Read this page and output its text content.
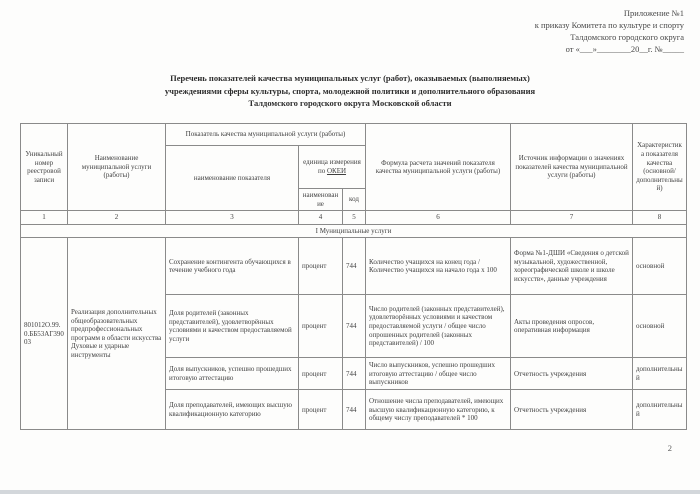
Приложение №1
к приказу Комитета по культуре и спорту
Талдомского городского округа
от «___»________20__г. №_____
Перечень показателей качества муниципальных услуг (работ), оказываемых (выполняемых)
учреждениями сферы культуры, спорта, молодежной политики и дополнительного образования
Талдомского городского округа Московской области
Уникальный номер реестровой записи	Наименование муниципальной услуги (работы)	Показатель качества муниципальной услуги (работы)			Формула расчета значений показателя качества муниципальной услуги (работы)	Источник информации о значениях показателей качества муниципальной услуги (работы)	Характеристика показателя качества (основной/ дополнительный)
		наименование показателя	единица измерения по ОКЕИ				
			наименование	код			
1	2	3	4	5	6	7	8
I Муниципальные услуги							
801012О.99.0.ББ53АГ39003	Реализация дополнительных общеобразовательных предпрофессиональных программ в области искусства Духовые и ударные инструменты	Сохранение контингента обучающихся в течение учебного года	процент	744	Количество учащихся на конец года / Количество учащихся на начало года х 100	Форма №1-ДШИ «Сведения о детской музыкальной, художественной, хореографической школе и школе искусств», данные учреждения	основной
		Доля родителей (законных представителей), удовлетворённых условиями и качеством предоставляемой услуги	процент	744	Число родителей (законных представителей), удовлетворённых условиями и качеством предоставляемой услуги / общее число опрошенных родителей (законных представителей) / 100	Акты проведения опросов, оперативная информация	основной
		Доля выпускников, успешно прошедших итоговую аттестацию	процент	744	Число выпускников, успешно прошедших итоговую аттестацию / общее число выпускников	Отчетность учреждения	дополнительный
		Доля преподавателей, имеющих высшую квалификационную категорию	процент	744	Отношение числа преподавателей, имеющих высшую квалификационную категорию, к общему числу преподавателей * 100	Отчетность учреждения	дополнительный
2
